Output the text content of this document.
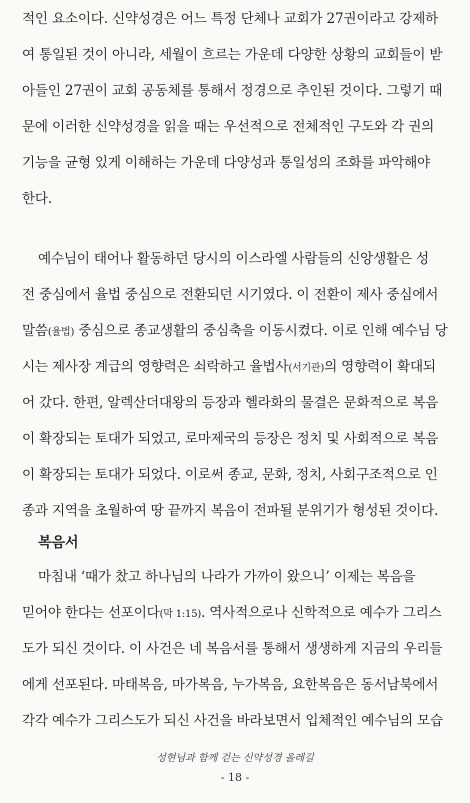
적인 요소이다. 신약성경은 어느 특정 단체나 교회가 27권이라고 강제하
여 통일된 것이 아니라, 세월이 흐르는 가운데 다양한 상황의 교회들이 받
아들인 27권이 교회 공동체를 통해서 정경으로 추인된 것이다. 그렇기 때
문에 이러한 신약성경을 읽을 때는 우선적으로 전체적인 구도와 각 권의
기능을 균형 있게 이해하는 가운데 다양성과 통일성의 조화를 파악해야
한다.
예수님이 태어나 활동하던 당시의 이스라엘 사람들의 신앙생활은 성
전 중심에서 율법 중심으로 전환되던 시기였다. 이 전환이 제사 중심에서
말씀(율법) 중심으로 종교생활의 중심축을 이동시켰다. 이로 인해 예수님 당
시는 제사장 계급의 영향력은 쇠락하고 율법사(서기관)의 영향력이 확대되
어 갔다. 한편, 알렉산더대왕의 등장과 헬라화의 물결은 문화적으로 복음
이 확장되는 토대가 되었고, 로마제국의 등장은 정치 및 사회적으로 복음
이 확장되는 토대가 되었다. 이로써 종교, 문화, 정치, 사회구조적으로 인
종과 지역을 초월하여 땅 끝까지 복음이 전파될 분위기가 형성된 것이다.
복음서
마침내 ‘때가 찼고 하나님의 나라가 가까이 왔으니’ 이제는 복음을
믿어야 한다는 선포이다(막 1:15). 역사적으로나 신학적으로 예수가 그리스
도가 되신 것이다. 이 사건은 네 복음서를 통해서 생생하게 지금의 우리들
에게 선포된다. 마태복음, 마가복음, 누가복음, 요한복음은 동서남북에서
각각 예수가 그리스도가 되신 사건을 바라보면서 입체적인 예수님의 모습
성현님과 함께 걷는 신약성경 올레길
- 18 -
